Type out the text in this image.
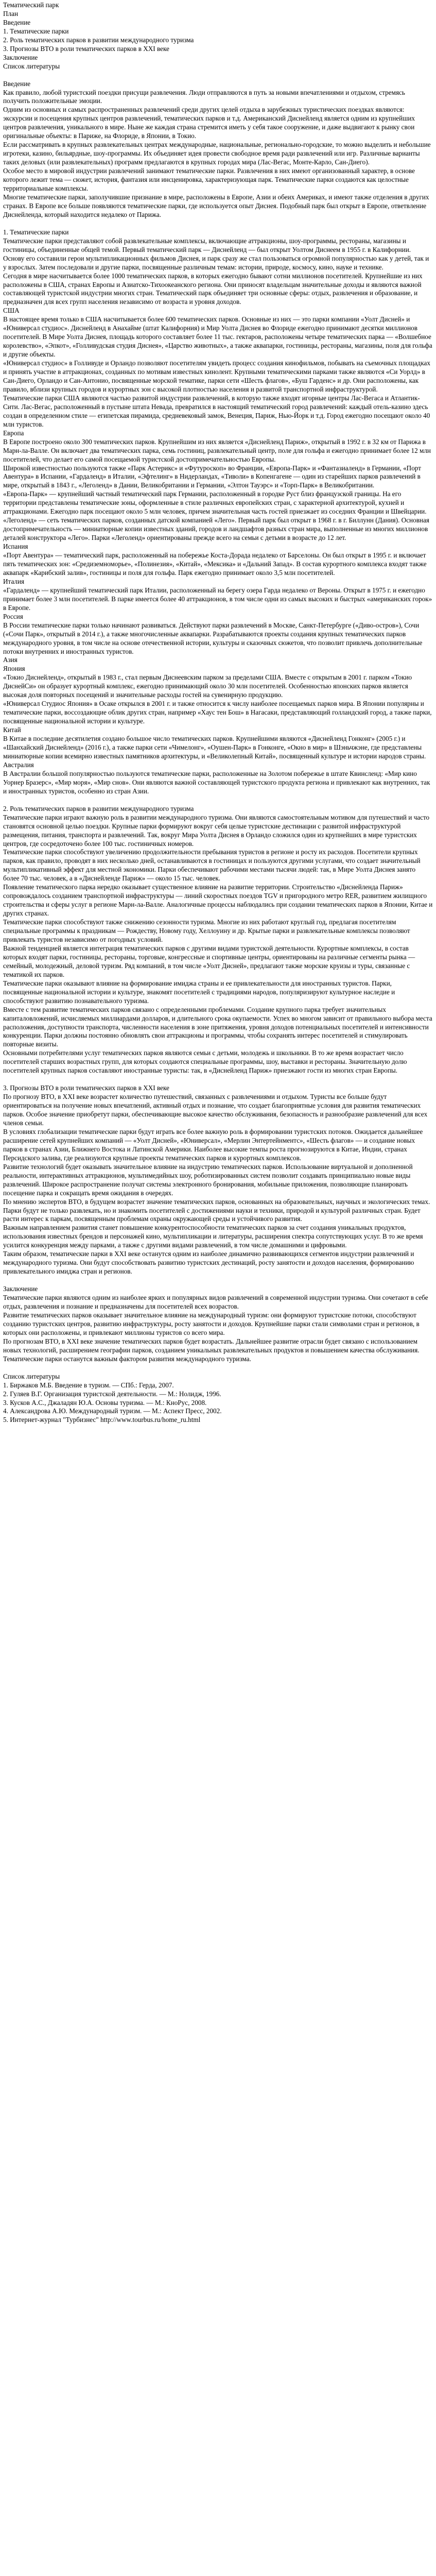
Тематический парк

План

Введение

1. Тематические парки

2. Роль тематических парков в развитии международного туризма

3. Прогнозы ВТО в роли тематических парков в XXI веке

Заключение

Список литературы

Введение

Как правило, любой туристский поездки присущи развлечения. Люди отправляются в путь за новыми впечатлениями и отдыхом, стремясь получить положительные эмоции.

Одним из основных и самых распространенных развлечений среди других целей отдыха в зарубежных туристических поездках являются: экскурсии и посещения крупных центров развлечений, тематических парков и т.д. Американский Диснейленд является одним из крупнейших центров развлечения, уникального в мире. Ныне же каждая страна стремится иметь у себя такое сооружение, и даже выдвигают к рынку свои оригинальные объекты: в Париже, на Флориде, в Японии, в Токио.

Если рассматривать в крупных развлекательных центрах международные, национальные, регионально-городские, то можно выделить и небольшие игротеки, казино, бильярдные, шоу-программы. Их объединяет идея провести свободное время ради развлечений или игр. Различные варианты таких деловых (или развлекательных) программ предлагаются в крупных городах мира (Лас-Вегас, Монте-Карло, Сан-Диего).

Особое место в мировой индустрии развлечений занимают тематические парки. Развлечения в них имеют организованный характер, в основе которого лежит тема — сюжет, история, фантазия или инсценировка, характеризующая парк. Тематические парки создаются как целостные территориальные комплексы.

Многие тематические парки, заполучившие признание в мире, расположены в Европе, Азии и обеих Америках, и имеют также отделения в других странах. В Европе все больше появляются тематические парки, где используется опыт Диснея. Подобный парк был открыт в Европе, ответвление Диснейленда, который находится недалеко от Парижа.

1. Тематические парки

Тематические парки представляют собой развлекательные комплексы, включающие аттракционы, шоу-программы, рестораны, магазины и гостиницы, объединенные общей темой. Первый тематический парк — Диснейленд — был открыт Уолтом Диснеем в 1955 г. в Калифорнии. Основу его составили герои мультипликационных фильмов Диснея, и парк сразу же стал пользоваться огромной популярностью как у детей, так и у взрослых. Затем последовали и другие парки, посвященные различным темам: истории, природе, космосу, кино, науке и технике.

Сегодня в мире насчитывается более 1000 тематических парков, в которых ежегодно бывают сотни миллионов посетителей. Крупнейшие из них расположены в США, странах Европы и Азиатско-Тихоокеанского региона. Они приносят владельцам значительные доходы и являются важной составляющей туристской индустрии многих стран. Тематический парк объединяет три основные сферы: отдых, развлечения и образование, и предназначен для всех групп населения независимо от возраста и уровня доходов.

США

В настоящее время только в США насчитывается более 600 тематических парков. Основные из них — это парки компании «Уолт Дисней» и «Юниверсал студиос». Диснейленд в Анахайме (штат Калифорния) и Мир Уолта Диснея во Флориде ежегодно принимают десятки миллионов посетителей. В Мире Уолта Диснея, площадь которого составляет более 11 тыс. гектаров, расположены четыре тематических парка — «Волшебное королевство», «Эпкот», «Голливудская студия Диснея», «Царство животных», а также аквапарки, гостиницы, рестораны, магазины, поля для гольфа и другие объекты.

«Юниверсал студиос» в Голливуде и Орландо позволяют посетителям увидеть процесс создания кинофильмов, побывать на съемочных площадках и принять участие в аттракционах, созданных по мотивам известных кинолент. Крупными тематическими парками также являются «Си Уорлд» в Сан-Диего, Орландо и Сан-Антонио, посвященные морской тематике, парки сети «Шесть флагов», «Буш Гарденс» и др. Они расположены, как правило, вблизи крупных городов и курортных зон с высокой плотностью населения и развитой транспортной инфраструктурой.

Тематические парки США являются частью развитой индустрии развлечений, в которую также входят игорные центры Лас-Вегаса и Атлантик-Сити. Лас-Вегас, расположенный в пустыне штата Невада, превратился в настоящий тематический город развлечений: каждый отель-казино здесь создан в определенном стиле — египетская пирамида, средневековый замок, Венеция, Париж, Нью-Йорк и т.д. Город ежегодно посещают около 40 млн туристов.

Европа

В Европе построено около 300 тематических парков. Крупнейшим из них является «Диснейленд Париж», открытый в 1992 г. в 32 км от Парижа в Марн-ла-Валле. Он включает два тематических парка, семь гостиниц, развлекательный центр, поле для гольфа и ежегодно принимает более 12 млн посетителей, что делает его самой посещаемой туристской достопримечательностью Европы.

Широкой известностью пользуются также «Парк Астерикс» и «Футуроскоп» во Франции, «Европа-Парк» и «Фантазиаленд» в Германии, «Порт Авентура» в Испании, «Гардаленд» в Италии, «Эфтелинг» в Нидерландах, «Тиволи» в Копенгагене — один из старейших парков развлечений в мире, открытый в 1843 г., «Леголенд» в Дании, Великобритании и Германии, «Элтон Тауэрс» и «Торп-Парк» в Великобритании.

«Европа-Парк» — крупнейший частный тематический парк Германии, расположенный в городке Руст близ французской границы. На его территории представлены тематические зоны, оформленные в стиле различных европейских стран, с характерной архитектурой, кухней и аттракционами. Ежегодно парк посещают около 5 млн человек, причем значительная часть гостей приезжает из соседних Франции и Швейцарии.

«Леголенд» — сеть тематических парков, созданных датской компанией «Лего». Первый парк был открыт в 1968 г. в г. Биллунн (Дания). Основная достопримечательность — миниатюрные копии известных зданий, городов и ландшафтов разных стран мира, выполненные из многих миллионов деталей конструктора «Лего». Парки «Леголенд» ориентированы прежде всего на семьи с детьми в возрасте до 12 лет.

Испания

«Порт Авентура» — тематический парк, расположенный на побережье Коста-Дорада недалеко от Барселоны. Он был открыт в 1995 г. и включает пять тематических зон: «Средиземноморье», «Полинезия», «Китай», «Мексика» и «Дальний Запад». В состав курортного комплекса входят также аквапарк «Карибский залив», гостиницы и поля для гольфа. Парк ежегодно принимает около 3,5 млн посетителей.

Италия

«Гардаленд» — крупнейший тематический парк Италии, расположенный на берегу озера Гарда недалеко от Вероны. Открыт в 1975 г. и ежегодно принимает более 3 млн посетителей. В парке имеется более 40 аттракционов, в том числе одни из самых высоких и быстрых «американских горок» в Европе.

Россия

В России тематические парки только начинают развиваться. Действуют парки развлечений в Москве, Санкт-Петербурге («Диво-остров»), Сочи («Сочи Парк», открытый в 2014 г.), а также многочисленные аквапарки. Разрабатываются проекты создания крупных тематических парков международного уровня, в том числе на основе отечественной истории, культуры и сказочных сюжетов, что позволит привлечь дополнительные потоки внутренних и иностранных туристов.

Азия

Япония

«Токио Диснейленд», открытый в 1983 г., стал первым Диснеевским парком за пределами США. Вместе с открытым в 2001 г. парком «Токио ДиснейСи» он образует курортный комплекс, ежегодно принимающий около 30 млн посетителей. Особенностью японских парков является высокая доля повторных посещений и значительные расходы гостей на сувенирную продукцию.

«Юниверсал Студиос Япония» в Осаке открылся в 2001 г. и также относится к числу наиболее посещаемых парков мира. В Японии популярны и тематические парки, воссоздающие облик других стран, например «Хаус тен Бош» в Нагасаки, представляющий голландский город, а также парки, посвященные национальной истории и культуре.

Китай

В Китае в последние десятилетия создано большое число тематических парков. Крупнейшими являются «Диснейленд Гонконг» (2005 г.) и «Шанхайский Диснейленд» (2016 г.), а также парки сети «Чимелонг», «Оушен-Парк» в Гонконге, «Окно в мир» в Шэньчжэне, где представлены миниатюрные копии всемирно известных памятников архитектуры, и «Великолепный Китай», посвященный культуре и истории народов страны.

Австралия

В Австралии большой популярностью пользуются тематические парки, расположенные на Золотом побережье в штате Квинсленд: «Мир кино Уорнер Бразерс», «Мир моря», «Мир снов». Они являются важной составляющей туристского продукта региона и привлекают как внутренних, так и иностранных туристов, особенно из стран Азии.

2. Роль тематических парков в развитии международного туризма

Тематические парки играют важную роль в развитии международного туризма. Они являются самостоятельным мотивом для путешествий и часто становятся основной целью поездки. Крупные парки формируют вокруг себя целые туристские дестинации с развитой инфраструктурой размещения, питания, транспорта и развлечений. Так, вокруг Мира Уолта Диснея в Орландо сложился один из крупнейших в мире туристских центров, где сосредоточено более 100 тыс. гостиничных номеров.

Тематические парки способствуют увеличению продолжительности пребывания туристов в регионе и росту их расходов. Посетители крупных парков, как правило, проводят в них несколько дней, останавливаются в гостиницах и пользуются другими услугами, что создает значительный мультипликативный эффект для местной экономики. Парки обеспечивают рабочими местами тысячи людей: так, в Мире Уолта Диснея занято более 70 тыс. человек, а в «Диснейленде Париж» — около 15 тыс. человек.

Появление тематического парка нередко оказывает существенное влияние на развитие территории. Строительство «Диснейленда Париж» сопровождалось созданием транспортной инфраструктуры — линий скоростных поездов TGV и пригородного метро RER, развитием жилищного строительства и сферы услуг в регионе Марн-ла-Валле. Аналогичные процессы наблюдались при создании тематических парков в Японии, Китае и других странах.

Тематические парки способствуют также снижению сезонности туризма. Многие из них работают круглый год, предлагая посетителям специальные программы к праздникам — Рождеству, Новому году, Хеллоуину и др. Крытые парки и развлекательные комплексы позволяют привлекать туристов независимо от погодных условий.

Важной тенденцией является интеграция тематических парков с другими видами туристской деятельности. Курортные комплексы, в состав которых входят парки, гостиницы, рестораны, торговые, конгрессные и спортивные центры, ориентированы на различные сегменты рынка — семейный, молодежный, деловой туризм. Ряд компаний, в том числе «Уолт Дисней», предлагают также морские круизы и туры, связанные с тематикой их парков.

Тематические парки оказывают влияние на формирование имиджа страны и ее привлекательности для иностранных туристов. Парки, посвященные национальной истории и культуре, знакомят посетителей с традициями народов, популяризируют культурное наследие и способствуют развитию познавательного туризма.

Вместе с тем развитие тематических парков связано с определенными проблемами. Создание крупного парка требует значительных капиталовложений, исчисляемых миллиардами долларов, и длительного срока окупаемости. Успех во многом зависит от правильного выбора места расположения, доступности транспорта, численности населения в зоне притяжения, уровня доходов потенциальных посетителей и интенсивности конкуренции. Парки должны постоянно обновлять свои аттракционы и программы, чтобы сохранять интерес посетителей и стимулировать повторные визиты.

Основными потребителями услуг тематических парков являются семьи с детьми, молодежь и школьники. В то же время возрастает число посетителей старших возрастных групп, для которых создаются специальные программы, шоу, выставки и рестораны. Значительную долю посетителей крупных парков составляют иностранные туристы: так, в «Диснейленд Париж» приезжают гости из многих стран Европы.

3. Прогнозы ВТО в роли тематических парков в XXI веке

По прогнозу ВТО, в XXI веке возрастет количество путешествий, связанных с развлечениями и отдыхом. Туристы все больше будут ориентироваться на получение новых впечатлений, активный отдых и познание, что создает благоприятные условия для развития тематических парков. Особое значение приобретут парки, обеспечивающие высокое качество обслуживания, безопасность и разнообразие развлечений для всех членов семьи.

В условиях глобализации тематические парки будут играть все более важную роль в формировании туристских потоков. Ожидается дальнейшее расширение сетей крупнейших компаний — «Уолт Дисней», «Юниверсал», «Мерлин Энтертейнментс», «Шесть флагов» — и создание новых парков в странах Азии, Ближнего Востока и Латинской Америки. Наиболее высокие темпы роста прогнозируются в Китае, Индии, странах Персидского залива, где реализуются крупные проекты тематических парков и курортных комплексов.

Развитие технологий будет оказывать значительное влияние на индустрию тематических парков. Использование виртуальной и дополненной реальности, интерактивных аттракционов, мультимедийных шоу, роботизированных систем позволит создавать принципиально новые виды развлечений. Широкое распространение получат системы электронного бронирования, мобильные приложения, позволяющие планировать посещение парка и сокращать время ожидания в очередях.

По мнению экспертов ВТО, в будущем возрастет значение тематических парков, основанных на образовательных, научных и экологических темах. Парки будут не только развлекать, но и знакомить посетителей с достижениями науки и техники, природой и культурой различных стран. Будет расти интерес к паркам, посвященным проблемам охраны окружающей среды и устойчивого развития.

Важным направлением развития станет повышение конкурентоспособности тематических парков за счет создания уникальных продуктов, использования известных брендов и персонажей кино, мультипликации и литературы, расширения спектра сопутствующих услуг. В то же время усилится конкуренция между парками, а также с другими видами развлечений, в том числе домашними и цифровыми.

Таким образом, тематические парки в XXI веке останутся одним из наиболее динамично развивающихся сегментов индустрии развлечений и международного туризма. Они будут способствовать развитию туристских дестинаций, росту занятости и доходов населения, формированию привлекательного имиджа стран и регионов.

Заключение

Тематические парки являются одним из наиболее ярких и популярных видов развлечений в современной индустрии туризма. Они сочетают в себе отдых, развлечения и познание и предназначены для посетителей всех возрастов.

Развитие тематических парков оказывает значительное влияние на международный туризм: они формируют туристские потоки, способствуют созданию туристских центров, развитию инфраструктуры, росту занятости и доходов. Крупнейшие парки стали символами стран и регионов, в которых они расположены, и привлекают миллионы туристов со всего мира.

По прогнозам ВТО, в XXI веке значение тематических парков будет возрастать. Дальнейшее развитие отрасли будет связано с использованием новых технологий, расширением географии парков, созданием уникальных развлекательных продуктов и повышением качества обслуживания. Тематические парки останутся важным фактором развития международного туризма.

Список литературы

1. Биржаков М.Б. Введение в туризм. — СПб.: Герда, 2007.

2. Гуляев В.Г. Организация туристской деятельности. — М.: Нолидж, 1996.

3. Кусков А.С., Джаладян Ю.А. Основы туризма. — М.: КноРус, 2008.

4. Александрова А.Ю. Международный туризм. — М.: Аспект Пресс, 2002.

5. Интернет-журнал "Турбизнес" http://www.tourbus.ru/home_ru.html
